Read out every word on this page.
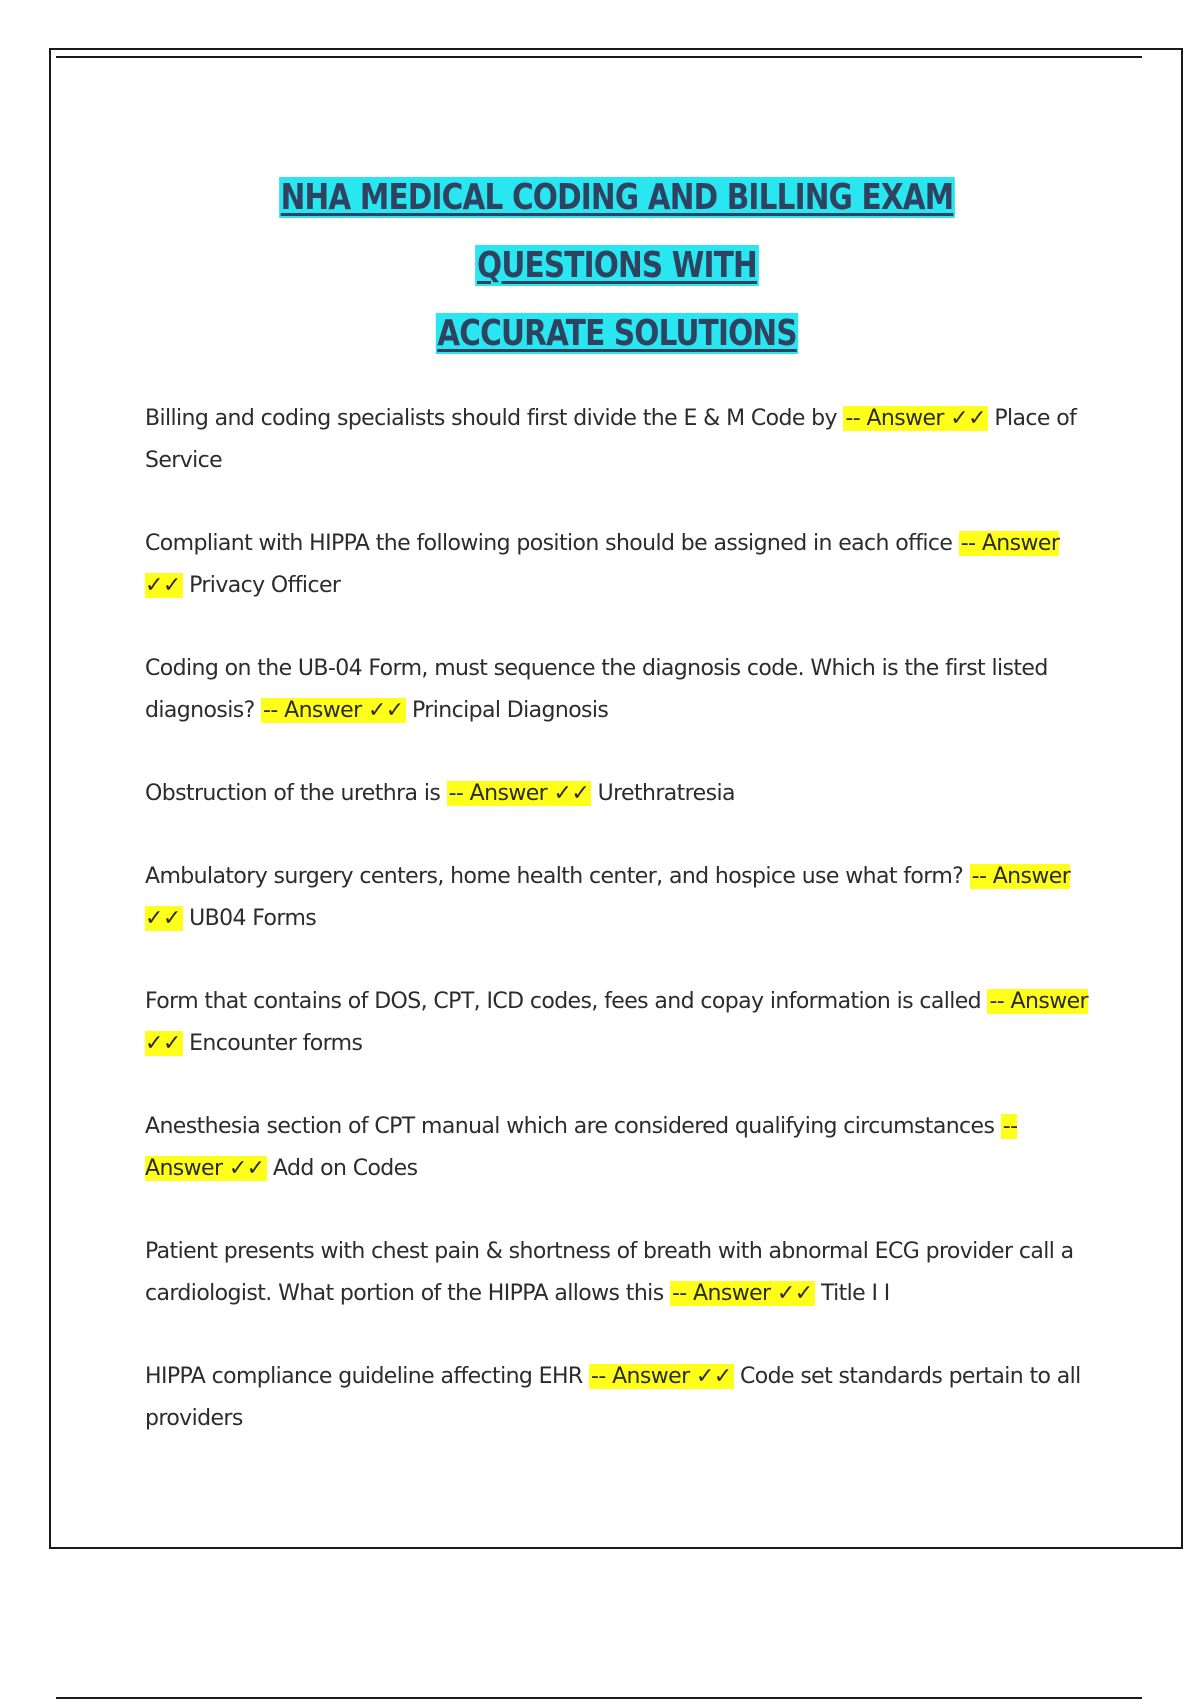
NHA MEDICAL CODING AND BILLING EXAM QUESTIONS WITH
ACCURATE SOLUTIONS

Billing and coding specialists should first divide the E & M Code by -- Answer ✓✓ Place of Service

Compliant with HIPPA the following position should be assigned in each office -- Answer ✓✓ Privacy Officer

Coding on the UB-04 Form, must sequence the diagnosis code. Which is the first listed diagnosis? -- Answer ✓✓ Principal Diagnosis

Obstruction of the urethra is -- Answer ✓✓ Urethratresia

Ambulatory surgery centers, home health center, and hospice use what form? -- Answer ✓✓ UB04 Forms

Form that contains of DOS, CPT, ICD codes, fees and copay information is called -- Answer ✓✓ Encounter forms

Anesthesia section of CPT manual which are considered qualifying circumstances -- Answer ✓✓ Add on Codes

Patient presents with chest pain & shortness of breath with abnormal ECG provider call a cardiologist. What portion of the HIPPA allows this -- Answer ✓✓ Title I I

HIPPA compliance guideline affecting EHR -- Answer ✓✓ Code set standards pertain to all providers
